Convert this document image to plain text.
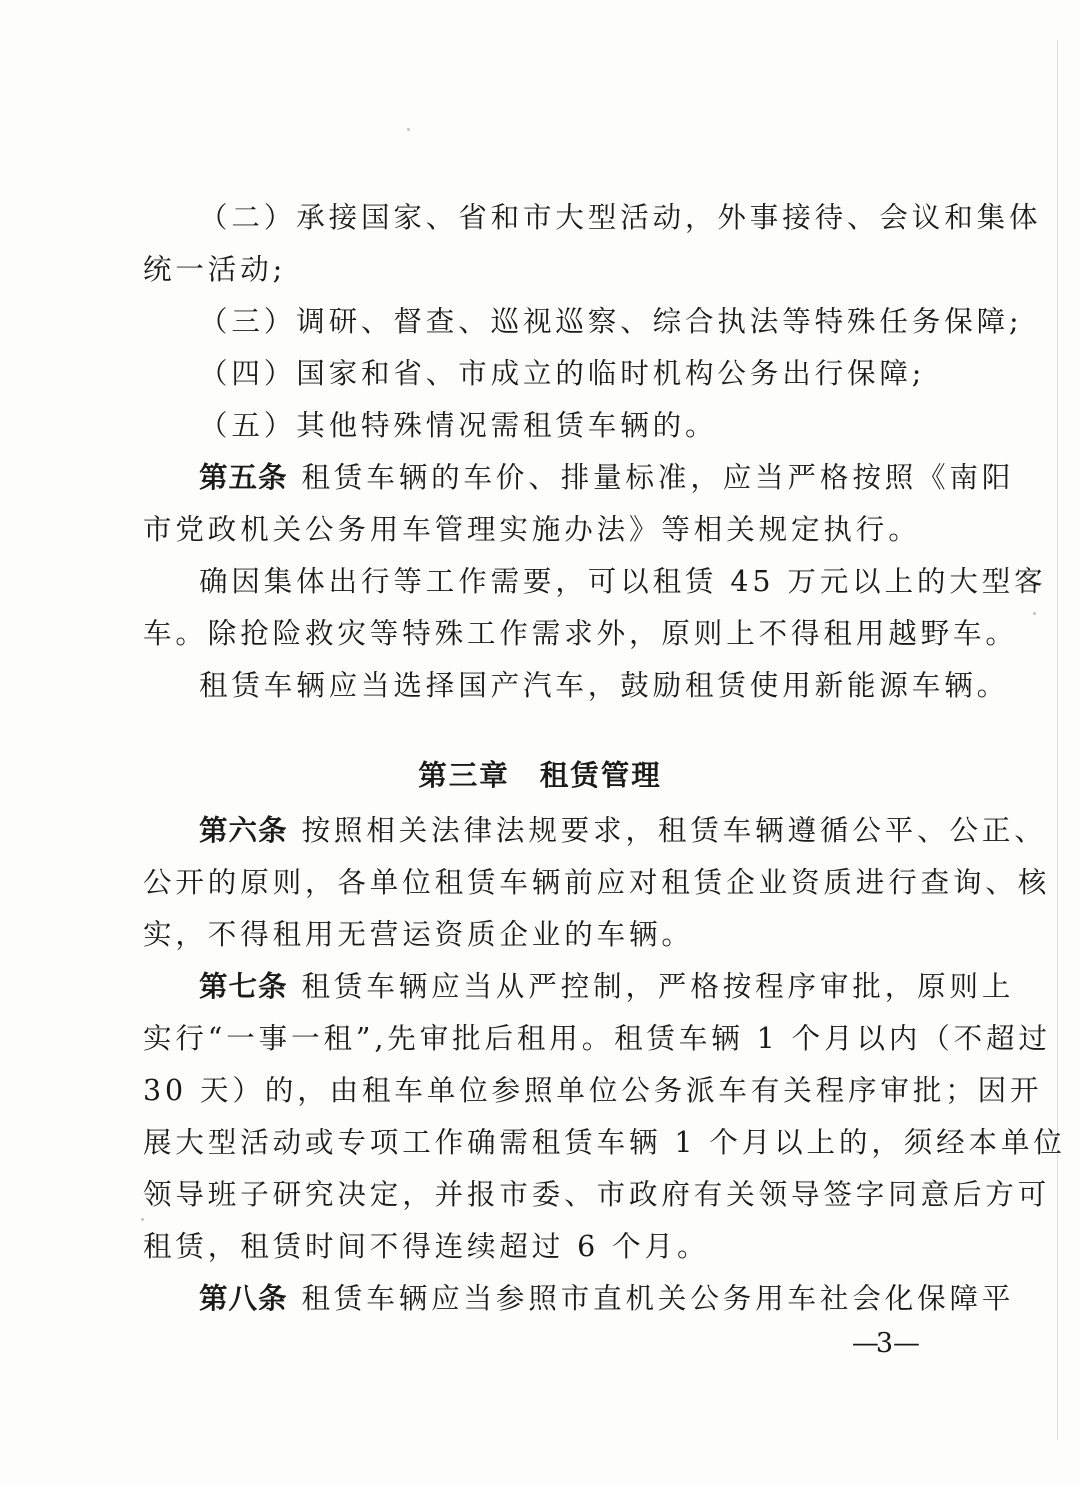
（二）承接国家、省和市大型活动，外事接待、会议和集体

统一活动;

（三）调研、督查、巡视巡察、综合执法等特殊任务保障;

（四）国家和省、市成立的临时机构公务出行保障;

（五）其他特殊情况需租赁车辆的。

第五条 租赁车辆的车价、排量标准，应当严格按照《南阳

市党政机关公务用车管理实施办法》等相关规定执行。

确因集体出行等工作需要，可以租赁 45 万元以上的大型客

车。除抢险救灾等特殊工作需求外，原则上不得租用越野车。

租赁车辆应当选择国产汽车，鼓励租赁使用新能源车辆。

第三章 租赁管理

第六条 按照相关法律法规要求，租赁车辆遵循公平、公正、

公开的原则，各单位租赁车辆前应对租赁企业资质进行查询、核

实，不得租用无营运资质企业的车辆。

第七条 租赁车辆应当从严控制，严格按程序审批，原则上

实行“一事一租”,先审批后租用。租赁车辆 1 个月以内（不超过

30 天）的，由租车单位参照单位公务派车有关程序审批；因开

展大型活动或专项工作确需租赁车辆 1 个月以上的，须经本单位

领导班子研究决定，并报市委、市政府有关领导签字同意后方可

租赁，租赁时间不得连续超过 6 个月。

第八条 租赁车辆应当参照市直机关公务用车社会化保障平

—3—
